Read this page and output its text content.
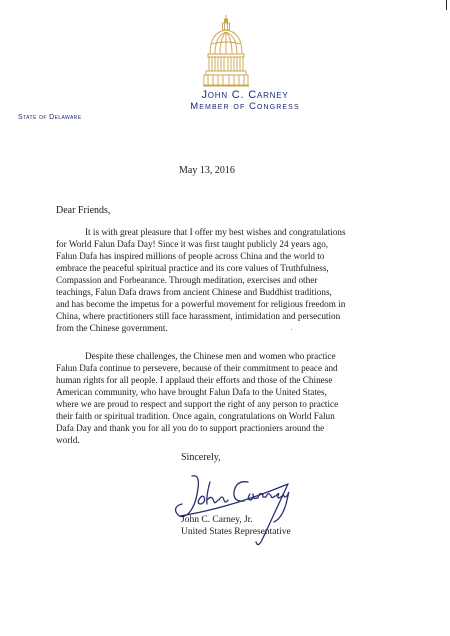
John C. Carney
Member of Congress
State of Delaware
May 13, 2016
Dear Friends,
It is with great pleasure that I offer my best wishes and congratulations
for World Falun Dafa Day! Since it was first taught publicly 24 years ago,
Falun Dafa has inspired millions of people across China and the world to
embrace the peaceful spiritual practice and its core values of Truthfulness,
Compassion and Forbearance. Through meditation, exercises and other
teachings, Falun Dafa draws from ancient Chinese and Buddhist traditions,
and has become the impetus for a powerful movement for religious freedom in
China, where practitioners still face harassment, intimidation and persecution
from the Chinese government.
Despite these challenges, the Chinese men and women who practice
Falun Dafa continue to persevere, because of their commitment to peace and
human rights for all people. I applaud their efforts and those of the Chinese
American community, who have brought Falun Dafa to the United States,
where we are proud to respect and support the right of any person to practice
their faith or spiritual tradition. Once again, congratulations on World Falun
Dafa Day and thank you for all you do to support practioniers around the
world.
Sincerely,
John C. Carney, Jr.
United States Representative
